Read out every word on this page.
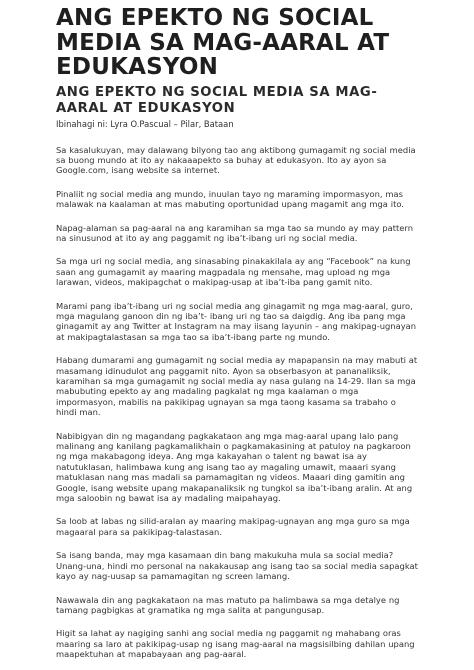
ANG EPEKTO NG SOCIAL MEDIA SA MAG-AARAL AT EDUKASYON
ANG EPEKTO NG SOCIAL MEDIA SA MAG-AARAL AT EDUKASYON
Ibinahagi ni: Lyra O.Pascual – Pilar, Bataan

Sa kasalukuyan, may dalawang bilyong tao ang aktibong gumagamit ng social media sa buong mundo at ito ay nakaaapekto sa buhay at edukasyon. Ito ay ayon sa Google.com, isang website sa internet.

Pinaliit ng social media ang mundo, inuulan tayo ng maraming impormasyon, mas malawak na kaalaman at mas mabuting oportunidad upang magamit ang mga ito.

Napag-alaman sa pag-aaral na ang karamihan sa mga tao sa mundo ay may pattern na sinusunod at ito ay ang paggamit ng iba’t-ibang uri ng social media.

Sa mga uri ng social media, ang sinasabing pinakakilala ay ang “Facebook” na kung saan ang gumagamit ay maaring magpadala ng mensahe, mag upload ng mga larawan, videos, makipagchat o makipag-usap at iba’t-iba pang gamit nito.

Marami pang iba’t-ibang uri ng social media ang ginagamit ng mga mag-aaral, guro, mga magulang ganoon din ng iba’t- ibang uri ng tao sa daigdig. Ang iba pang mga ginagamit ay ang Twitter at Instagram na may iisang layunin – ang makipag-ugnayan at makipagtalastasan sa mga tao sa iba’t-ibang parte ng mundo.

Habang dumarami ang gumagamit ng social media ay mapapansin na may mabuti at masamang idinudulot ang paggamit nito. Ayon sa obserbasyon at pananaliksik, karamihan sa mga gumagamit ng social media ay nasa gulang na 14-29. Ilan sa mga mabubuting epekto ay ang madaling pagkalat ng mga kaalaman o mga impormasyon, mabilis na pakikipag ugnayan sa mga taong kasama sa trabaho o hindi man.

Nabibigyan din ng magandang pagkakataon ang mga mag-aaral upang lalo pang malinang ang kanilang pagkamalikhain o pagkamakasining at patuloy na pagkaroon ng mga makabagong ideya. Ang mga kakayahan o talent ng bawat isa ay natutuklasan, halimbawa kung ang isang tao ay magaling umawit, maaari syang matuklasan nang mas madali sa pamamagitan ng videos. Maaari ding gamitin ang Google, isang website upang makapanaliksik ng tungkol sa iba’t-ibang aralin. At ang mga saloobin ng bawat isa ay madaling maipahayag.

Sa loob at labas ng silid-aralan ay maaring makipag-ugnayan ang mga guro sa mga magaaral para sa pakikipag-talastasan.

Sa isang banda, may mga kasamaan din bang makukuha mula sa social media? Unang-una, hindi mo personal na nakakausap ang isang tao sa social media sapagkat kayo ay nag-uusap sa pamamagitan ng screen lamang.

Nawawala din ang pagkakataon na mas matuto pa halimbawa sa mga detalye ng tamang pagbigkas at gramatika ng mga salita at pangungusap.

Higit sa lahat ay nagiging sanhi ang social media ng paggamit ng mahabang oras maaring sa laro at pakikipag-usap ng isang mag-aaral na magsisilbing dahilan upang maapektuhan at mapabayaan ang pag-aaral.
